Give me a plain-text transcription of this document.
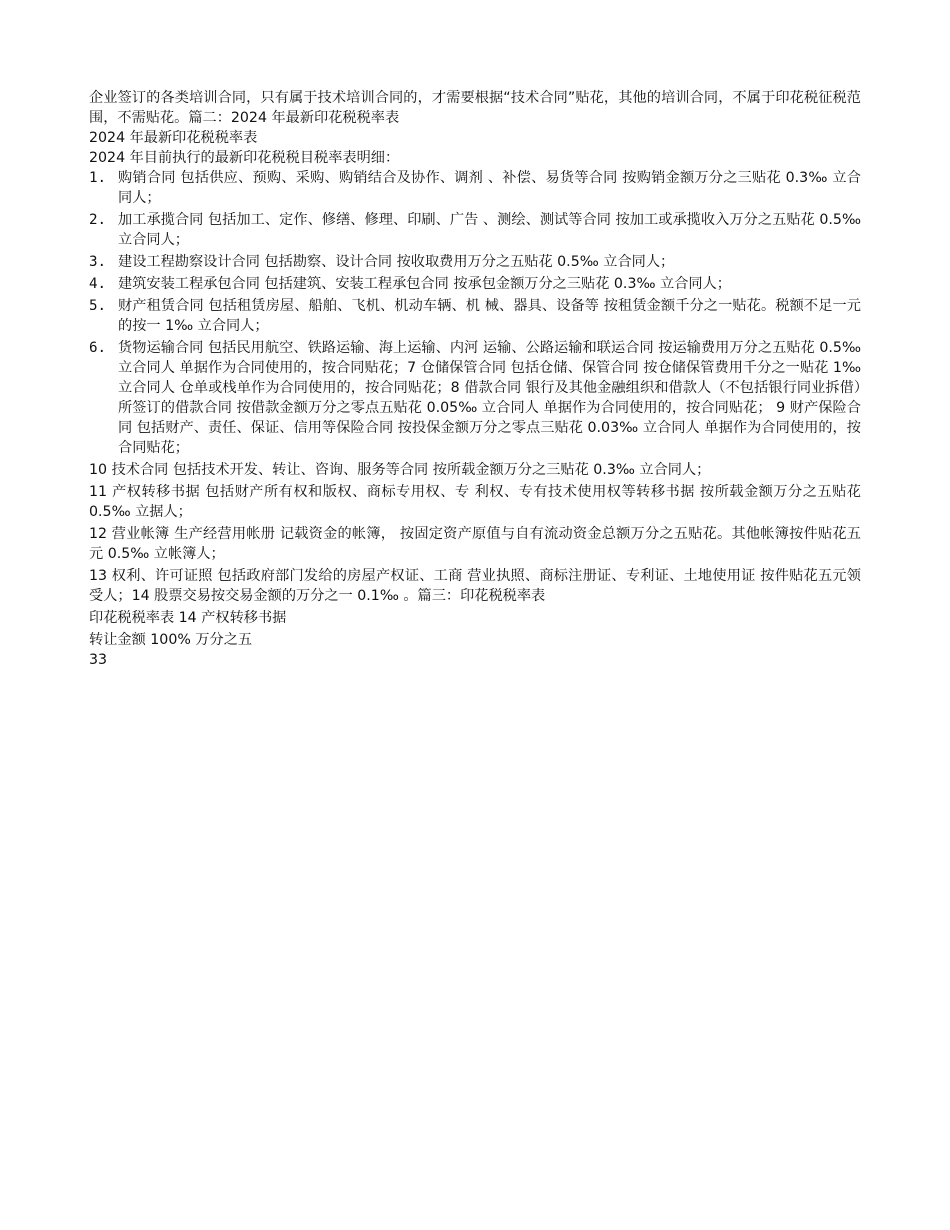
企业签订的各类培训合同，只有属于技术培训合同的，才需要根据“技术合同”贴花，其他的培训合同，不属于印花税征税范围，不需贴花。篇二：2024 年最新印花税税率表

2024 年最新印花税税率表

2024 年目前执行的最新印花税税目税率表明细：

1. 购销合同 包括供应、预购、采购、购销结合及协作、调剂 、补偿、易货等合同 按购销金额万分之三贴花 0.3‰ 立合同人；
2. 加工承揽合同 包括加工、定作、修缮、修理、印刷、广告 、测绘、测试等合同 按加工或承揽收入万分之五贴花 0.5‰ 立合同人；
3. 建设工程勘察设计合同 包括勘察、设计合同 按收取费用万分之五贴花 0.5‰ 立合同人；
4. 建筑安装工程承包合同 包括建筑、安装工程承包合同 按承包金额万分之三贴花 0.3‰ 立合同人；
5. 财产租赁合同 包括租赁房屋、船舶、飞机、机动车辆、机 械、器具、设备等 按租赁金额千分之一贴花。税额不足一元的按一 1‰ 立合同人；
6. 货物运输合同 包括民用航空、铁路运输、海上运输、内河 运输、公路运输和联运合同 按运输费用万分之五贴花 0.5‰ 立合同人 单据作为合同使用的，按合同贴花；7 仓储保管合同 包括仓储、保管合同 按仓储保管费用千分之一贴花 1‰ 立合同人 仓单或栈单作为合同使用的，按合同贴花；8 借款合同 银行及其他金融组织和借款人（不包括银行同业拆借）所签订的借款合同 按借款金额万分之零点五贴花 0.05‰ 立合同人 单据作为合同使用的，按合同贴花； 9 财产保险合同 包括财产、责任、保证、信用等保险合同 按投保金额万分之零点三贴花 0.03‰ 立合同人 单据作为合同使用的，按合同贴花；

10 技术合同 包括技术开发、转让、咨询、服务等合同 按所载金额万分之三贴花 0.3‰ 立合同人；

11 产权转移书据 包括财产所有权和版权、商标专用权、专 利权、专有技术使用权等转移书据 按所载金额万分之五贴花 0.5‰ 立据人；

12 营业帐簿 生产经营用帐册 记载资金的帐簿， 按固定资产原值与自有流动资金总额万分之五贴花。其他帐簿按件贴花五元 0.5‰ 立帐簿人；

13 权利、许可证照 包括政府部门发给的房屋产权证、工商 营业执照、商标注册证、专利证、土地使用证 按件贴花五元领受人；14 股票交易按交易金额的万分之一 0.1‰ 。篇三：印花税税率表

印花税税率表 14 产权转移书据

转让金额 100% 万分之五

33
